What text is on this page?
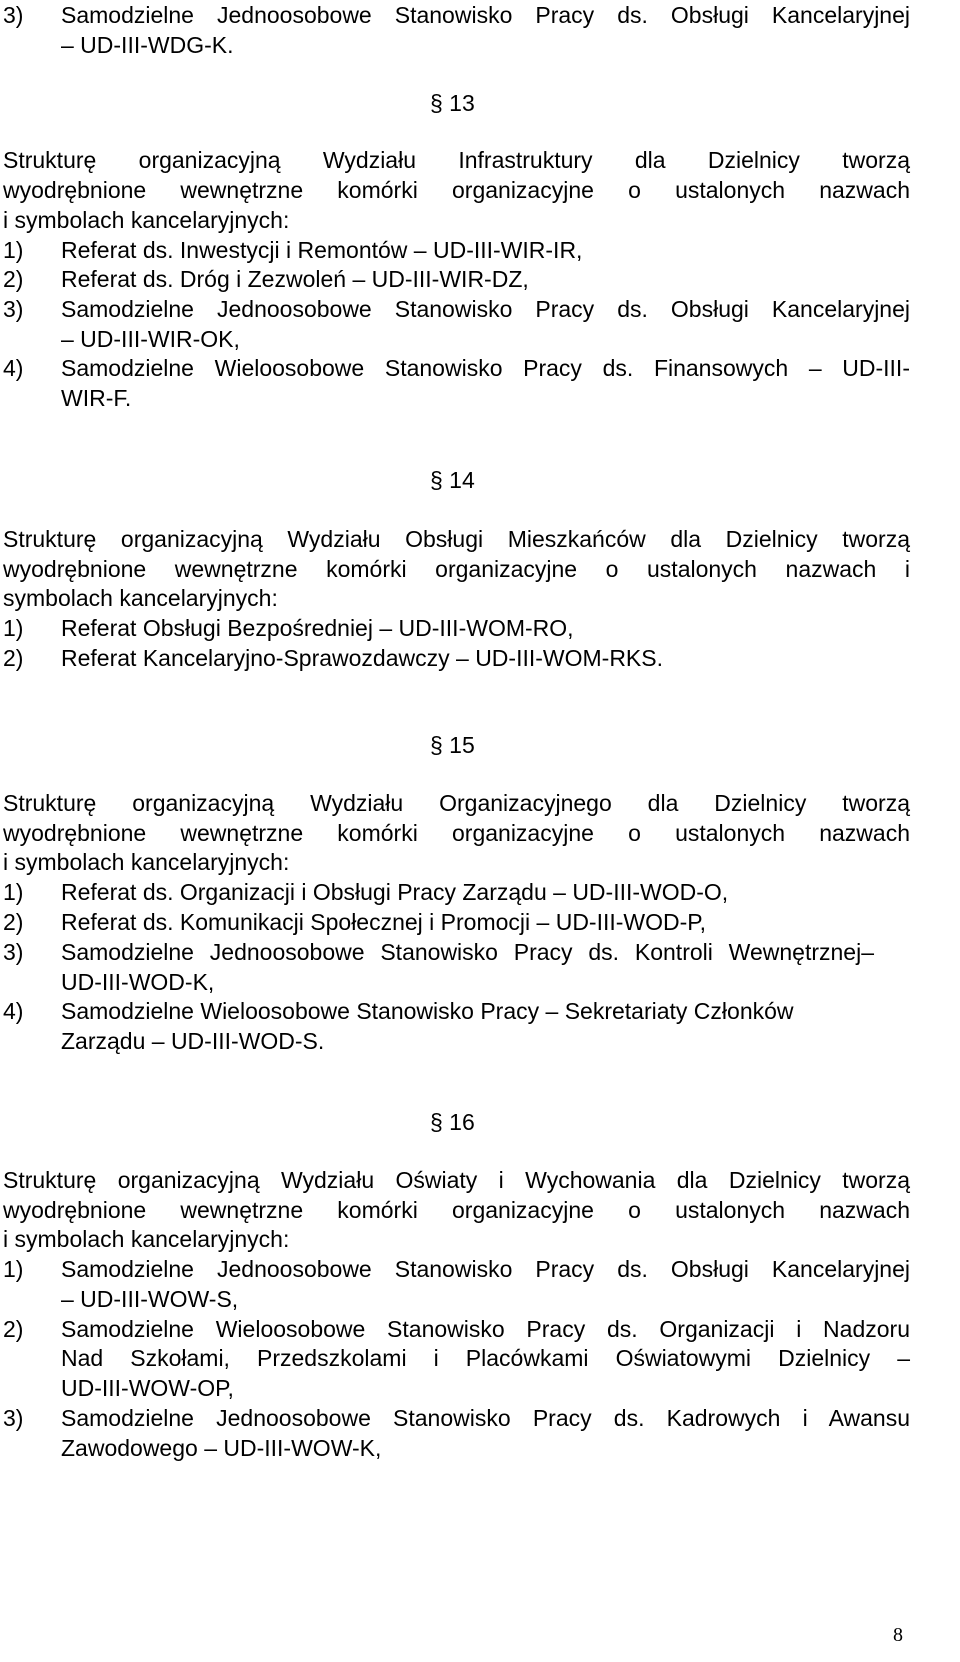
3) Samodzielne Jednoosobowe Stanowisko Pracy ds. Obsługi Kancelaryjnej
– UD-III-WDG-K.
§ 13
Strukturę organizacyjną Wydziału Infrastruktury dla Dzielnicy tworzą
wyodrębnione wewnętrzne komórki organizacyjne o ustalonych nazwach
i symbolach kancelaryjnych:
1) Referat ds. Inwestycji i Remontów – UD-III-WIR-IR,
2) Referat ds. Dróg i Zezwoleń – UD-III-WIR-DZ,
3) Samodzielne Jednoosobowe Stanowisko Pracy ds. Obsługi Kancelaryjnej
– UD-III-WIR-OK,
4) Samodzielne Wieloosobowe Stanowisko Pracy ds. Finansowych – UD-III-
WIR-F.
§ 14
Strukturę organizacyjną Wydziału Obsługi Mieszkańców dla Dzielnicy tworzą
wyodrębnione wewnętrzne komórki organizacyjne o ustalonych nazwach i
symbolach kancelaryjnych:
1) Referat Obsługi Bezpośredniej – UD-III-WOM-RO,
2) Referat Kancelaryjno-Sprawozdawczy – UD-III-WOM-RKS.
§ 15
Strukturę organizacyjną Wydziału Organizacyjnego dla Dzielnicy tworzą
wyodrębnione wewnętrzne komórki organizacyjne o ustalonych nazwach
i symbolach kancelaryjnych:
1) Referat ds. Organizacji i Obsługi Pracy Zarządu – UD-III-WOD-O,
2) Referat ds. Komunikacji Społecznej i Promocji – UD-III-WOD-P,
3) Samodzielne Jednoosobowe Stanowisko Pracy ds. Kontroli Wewnętrznej–
UD-III-WOD-K,
4) Samodzielne Wieloosobowe Stanowisko Pracy – Sekretariaty Członków
Zarządu – UD-III-WOD-S.
§ 16
Strukturę organizacyjną Wydziału Oświaty i Wychowania dla Dzielnicy tworzą
wyodrębnione wewnętrzne komórki organizacyjne o ustalonych nazwach
i symbolach kancelaryjnych:
1) Samodzielne Jednoosobowe Stanowisko Pracy ds. Obsługi Kancelaryjnej
– UD-III-WOW-S,
2) Samodzielne Wieloosobowe Stanowisko Pracy ds. Organizacji i Nadzoru
Nad Szkołami, Przedszkolami i Placówkami Oświatowymi Dzielnicy –
UD-III-WOW-OP,
3) Samodzielne Jednoosobowe Stanowisko Pracy ds. Kadrowych i Awansu
Zawodowego – UD-III-WOW-K,
8
